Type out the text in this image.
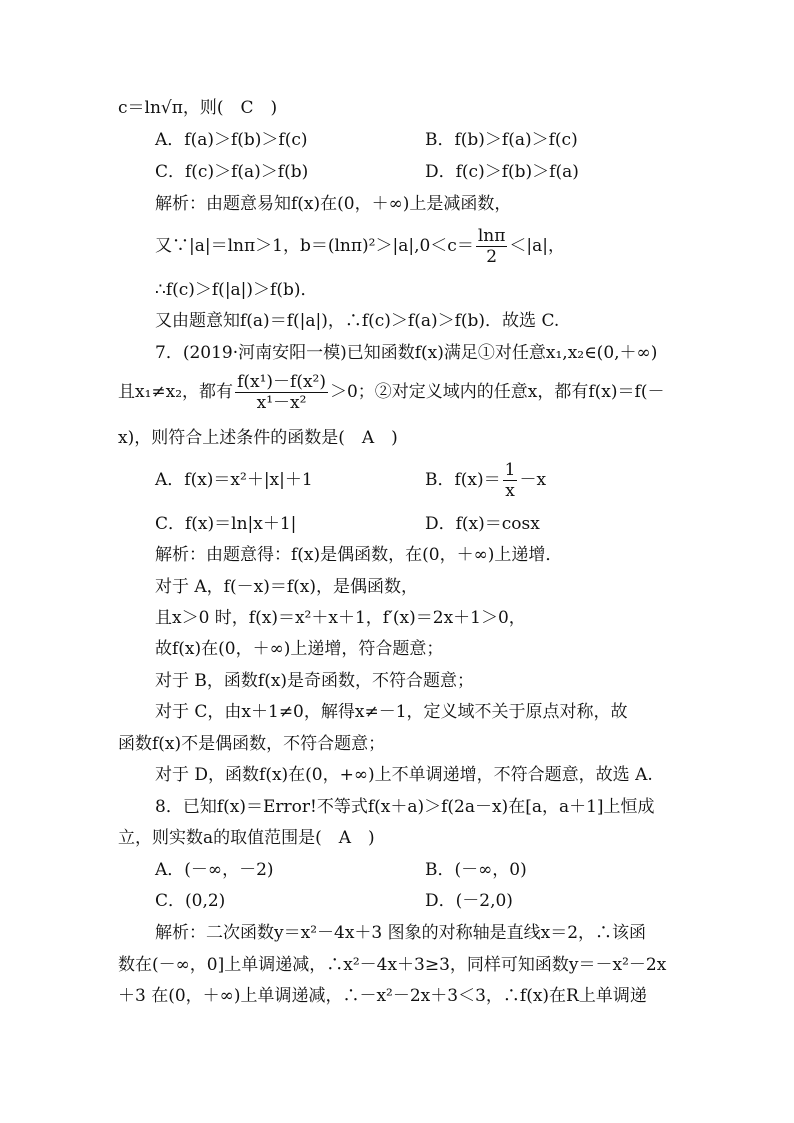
c＝ln√π，则(　C　)
A．f(a)＞f(b)＞f(c)	B．f(b)＞f(a)＞f(c)
C．f(c)＞f(a)＞f(b)	D．f(c)＞f(b)＞f(a)
解析：由题意易知f(x)在(0，＋∞)上是减函数，
又∵|a|＝lnπ＞1，$b=(\ln\pi)^2>|a|,0<c= \frac{\ln\pi}{2} <|a|$，
∴f(c)＞f(|a|)＞f(b)．
又由题意知f(a)＝f(|a|)，∴f(c)＞f(a)＞f(b)．故选 C.
7．(2019·河南安阳一模)已知函数f(x)满足①对任意x₁,x₂∈(0,＋∞)
且x₁≠x₂，都有 $\frac{\text{f(x¹)－f(x²)}}{\text{x¹－x²}} >0$；②对定义域内的任意x，都有f(x)＝f(－
x)，则符合上述条件的函数是(　A　)
A．f(x)＝x²＋|x|＋1	B．$f(x)= \frac{1}{x} -x$
C．f(x)＝ln|x＋1|	D．f(x)＝cosx
解析：由题意得：f(x)是偶函数，在(0，＋∞)上递增．
对于 A，f(－x)＝f(x)，是偶函数，
且x＞0 时，f(x)＝x²＋x＋1，f′(x)＝2x＋1＞0，
故f(x)在(0，＋∞)上递增，符合题意；
对于 B，函数f(x)是奇函数，不符合题意；
对于 C，由x＋1≠0，解得x≠－1，定义域不关于原点对称，故
函数f(x)不是偶函数，不符合题意；
对于 D，函数f(x)在(0，+∞)上不单调递增，不符合题意，故选 A.
8．已知f(x)＝Error!不等式f(x＋a)＞f(2a－x)在[a，a＋1]上恒成
立，则实数a的取值范围是(　A　)
A．(－∞，－2)	B．(－∞，0)
C．(0,2)	D．(－2,0)
解析：二次函数y＝x²－4x＋3 图象的对称轴是直线x＝2，∴该函
数在(－∞，0]上单调递减，∴x²－4x＋3≥3，同样可知函数y＝－x²－2x
＋3 在(0，＋∞)上单调递减，∴－x²－2x＋3＜3，∴f(x)在R上单调递
